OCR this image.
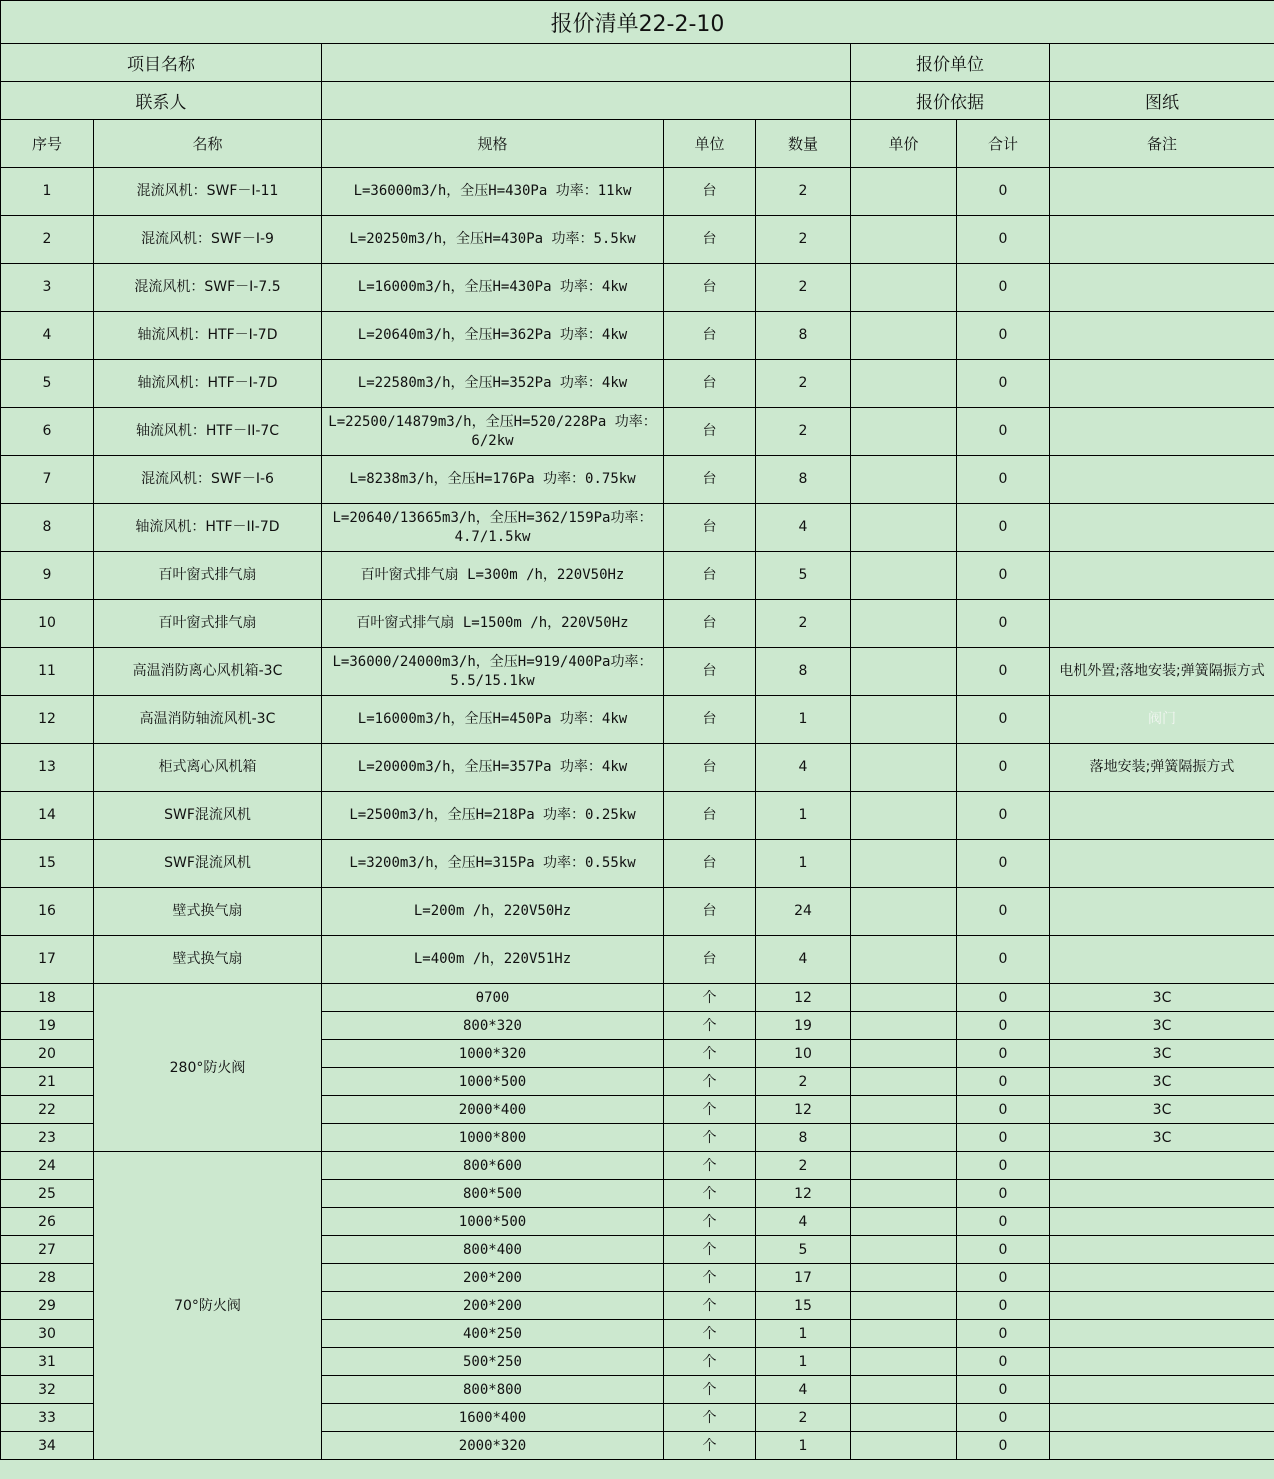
报价清单22-2-10							
项目名称					报价单位		
联系人					报价依据		图纸
序号	名称	规格	单位	数量	单价	合计	备注
1	混流风机：SWF－Ⅰ-11	L=36000m3/h，全压H=430Pa 功率：11kw	台	2		0	
2	混流风机：SWF－Ⅰ-9	L=20250m3/h，全压H=430Pa 功率：5.5kw	台	2		0	
3	混流风机：SWF－Ⅰ-7.5	L=16000m3/h，全压H=430Pa 功率：4kw	台	2		0	
4	轴流风机：HTF－Ⅰ-7D	L=20640m3/h，全压H=362Pa 功率：4kw	台	8		0	
5	轴流风机：HTF－Ⅰ-7D	L=22580m3/h，全压H=352Pa 功率：4kw	台	2		0	
6	轴流风机：HTF－ⅠⅠ-7C	L=22500/14879m3/h，全压H=520/228Pa 功率：6/2kw	台	2		0	
7	混流风机：SWF－Ⅰ-6	L=8238m3/h，全压H=176Pa 功率：0.75kw	台	8		0	
8	轴流风机：HTF－ⅠⅠ-7D	L=20640/13665m3/h，全压H=362/159Pa功率：4.7/1.5kw	台	4		0	
9	百叶窗式排气扇	百叶窗式排气扇 L=300m /h，220V50Hz	台	5		0	
10	百叶窗式排气扇	百叶窗式排气扇 L=1500m /h，220V50Hz	台	2		0	
11	高温消防离心风机箱-3C	L=36000/24000m3/h，全压H=919/400Pa功率：5.5/15.1kw	台	8		0	电机外置;落地安装;弹簧隔振方式
12	高温消防轴流风机-3C	L=16000m3/h，全压H=450Pa 功率：4kw	台	1		0	阀门
13	柜式离心风机箱	L=20000m3/h，全压H=357Pa 功率：4kw	台	4		0	落地安装;弹簧隔振方式
14	SWF混流风机	L=2500m3/h，全压H=218Pa 功率：0.25kw	台	1		0	
15	SWF混流风机	L=3200m3/h，全压H=315Pa 功率：0.55kw	台	1		0	
16	壁式换气扇	L=200m /h，220V50Hz	台	24		0	
17	壁式换气扇	L=400m /h，220V51Hz	台	4		0	
18	280°防火阀	θ700	个	12		0	3C
19		800*320	个	19		0	3C
20		1000*320	个	10		0	3C
21		1000*500	个	2		0	3C
22		2000*400	个	12		0	3C
23		1000*800	个	8		0	3C
24	70°防火阀	800*600	个	2		0	
25		800*500	个	12		0	
26		1000*500	个	4		0	
27		800*400	个	5		0	
28		200*200	个	17		0	
29		200*200	个	15		0	
30		400*250	个	1		0	
31		500*250	个	1		0	
32		800*800	个	4		0	
33		1600*400	个	2		0	
34		2000*320	个	1		0	
